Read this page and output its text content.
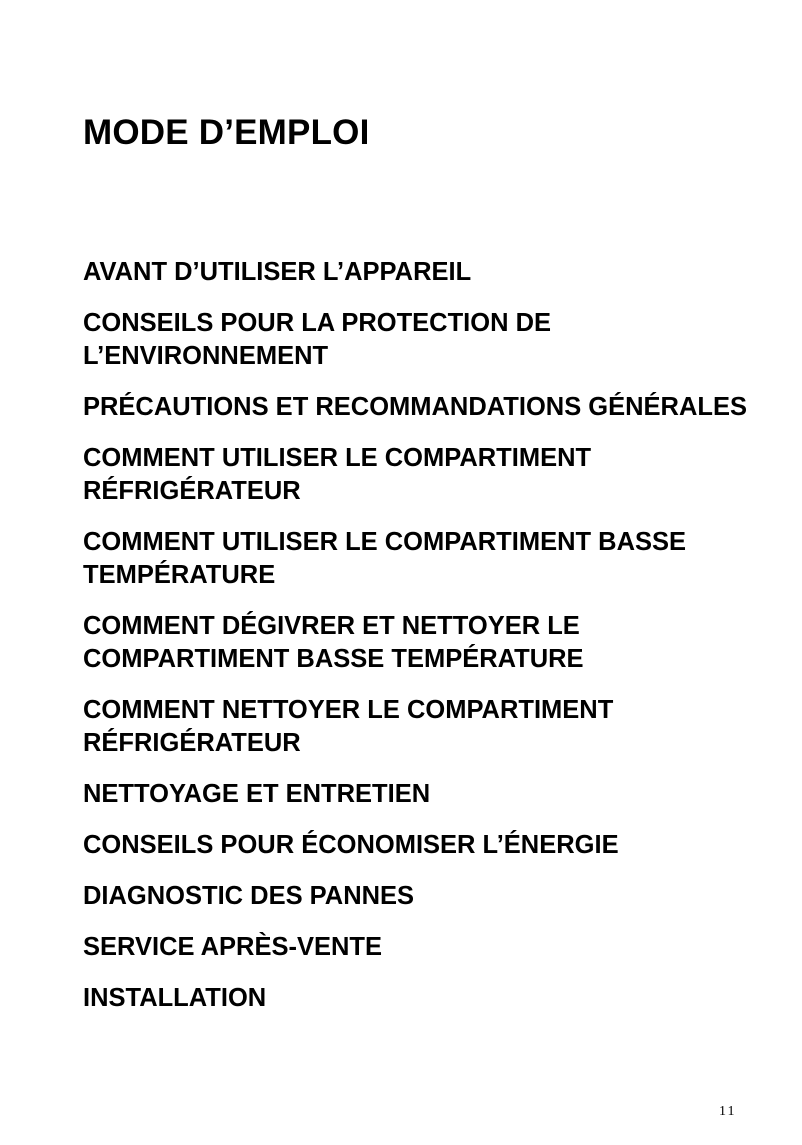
MODE D’EMPLOI
AVANT D’UTILISER L’APPAREIL
CONSEILS POUR LA PROTECTION DE L’ENVIRONNEMENT
PRÉCAUTIONS ET RECOMMANDATIONS GÉNÉRALES
COMMENT UTILISER LE COMPARTIMENT RÉFRIGÉRATEUR
COMMENT UTILISER LE COMPARTIMENT BASSE TEMPÉRATURE
COMMENT DÉGIVRER ET NETTOYER LE COMPARTIMENT BASSE TEMPÉRATURE
COMMENT NETTOYER LE COMPARTIMENT RÉFRIGÉRATEUR
NETTOYAGE ET ENTRETIEN
CONSEILS POUR ÉCONOMISER L’ÉNERGIE
DIAGNOSTIC DES PANNES
SERVICE APRÈS-VENTE
INSTALLATION
11
